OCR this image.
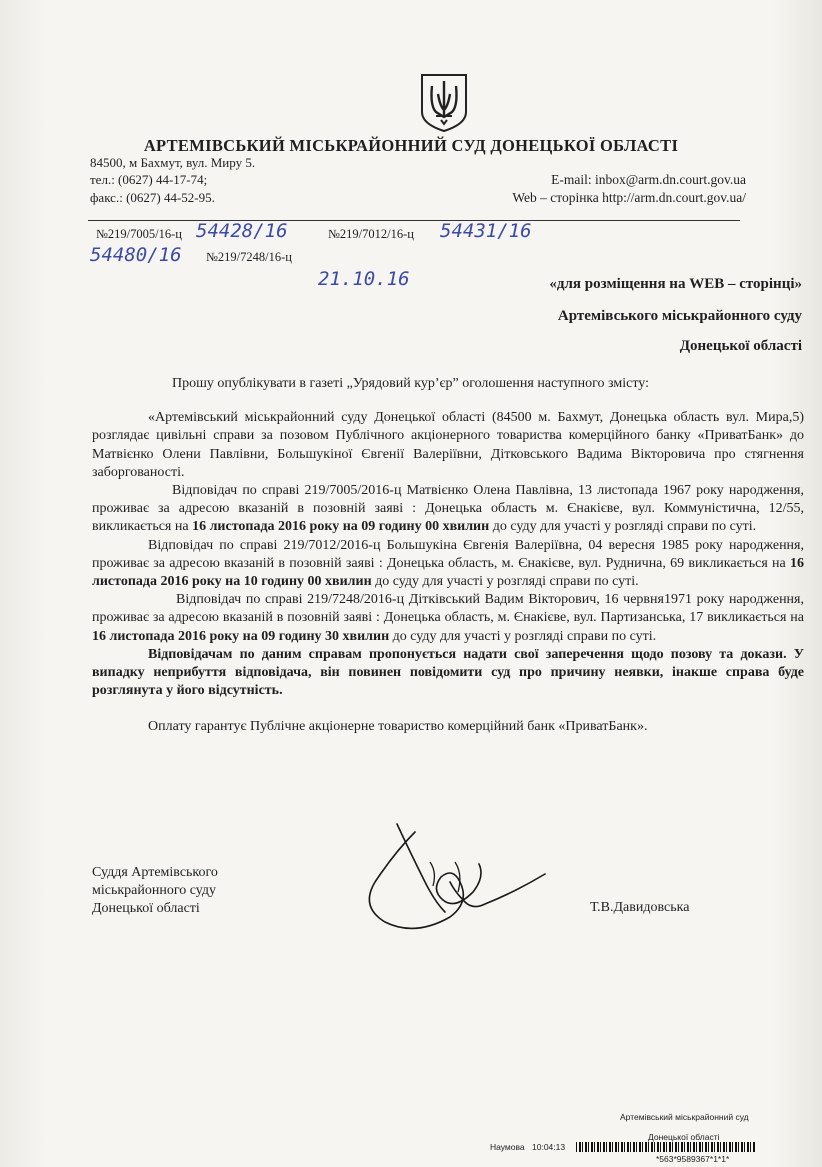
АРТЕМІВСЬКИЙ МІСЬКРАЙОННИЙ СУД ДОНЕЦЬКОЇ ОБЛАСТІ
84500, м Бахмут, вул. Миру 5.
тел.: (0627) 44-17-74;
факс.: (0627) 44-52-95.
E-mail: inbox@arm.dn.court.gov.ua
Web – сторінка http://arm.dn.court.gov.ua/
№219/7005/16-ц 54428/16	№219/7012/16-ц 54431/16
54480/16 №219/7248/16-ц
21.10.16	«для розміщення на WEB – сторінці»
Артемівського міськрайонного суду
Донецької області

Прошу опублікувати в газеті „Урядовий кур’єр” оголошення наступного змісту:

«Артемівський міськрайонний суду Донецької області (84500 м. Бахмут, Донецька область вул. Мира,5) розглядає цивільні справи за позовом Публічного акціонерного товариства комерційного банку «ПриватБанк» до Матвієнко Олени Павлівни, Большукіної Євгенії Валеріївни, Дітковського Вадима Вікторовича про стягнення заборгованості.

Відповідач по справі 219/7005/2016-ц Матвієнко Олена Павлівна, 13 листопада 1967 року народження, проживає за адресою вказаній в позовній заяві : Донецька область м. Єнакієве, вул. Коммуністична, 12/55, викликається на 16 листопада 2016 року на 09 годину 00 хвилин до суду для участі у розгляді справи по суті.

Відповідач по справі 219/7012/2016-ц Большукіна Євгенія Валеріївна, 04 вересня 1985 року народження, проживає за адресою вказаній в позовній заяві : Донецька область, м. Єнакієве, вул. Руднична, 69 викликається на 16 листопада 2016 року на 10 годину 00 хвилин до суду для участі у розгляді справи по суті.

Відповідач по справі 219/7248/2016-ц Дітківський Вадим Вікторович, 16 червня1971 року народження, проживає за адресою вказаній в позовній заяві : Донецька область, м. Єнакієве, вул. Партизанська, 17 викликається на 16 листопада 2016 року на 09 годину 30 хвилин до суду для участі у розгляді справи по суті.

Відповідачам по даним справам пропонується надати свої заперечення щодо позову та докази. У випадку неприбуття відповідача, він повинен повідомити суд про причину неявки, інакше справа буде розглянута у його відсутність.

Оплату гарантує Публічне акціонерне товариство комерційний банк «ПриватБанк».

Суддя Артемівського
міськрайонного суду
Донецької області	Т.В.Давидовська
Артемівський міськрайонний суд
Наумова 10:04:13
Донецької області
*563*9589367*1*1*
